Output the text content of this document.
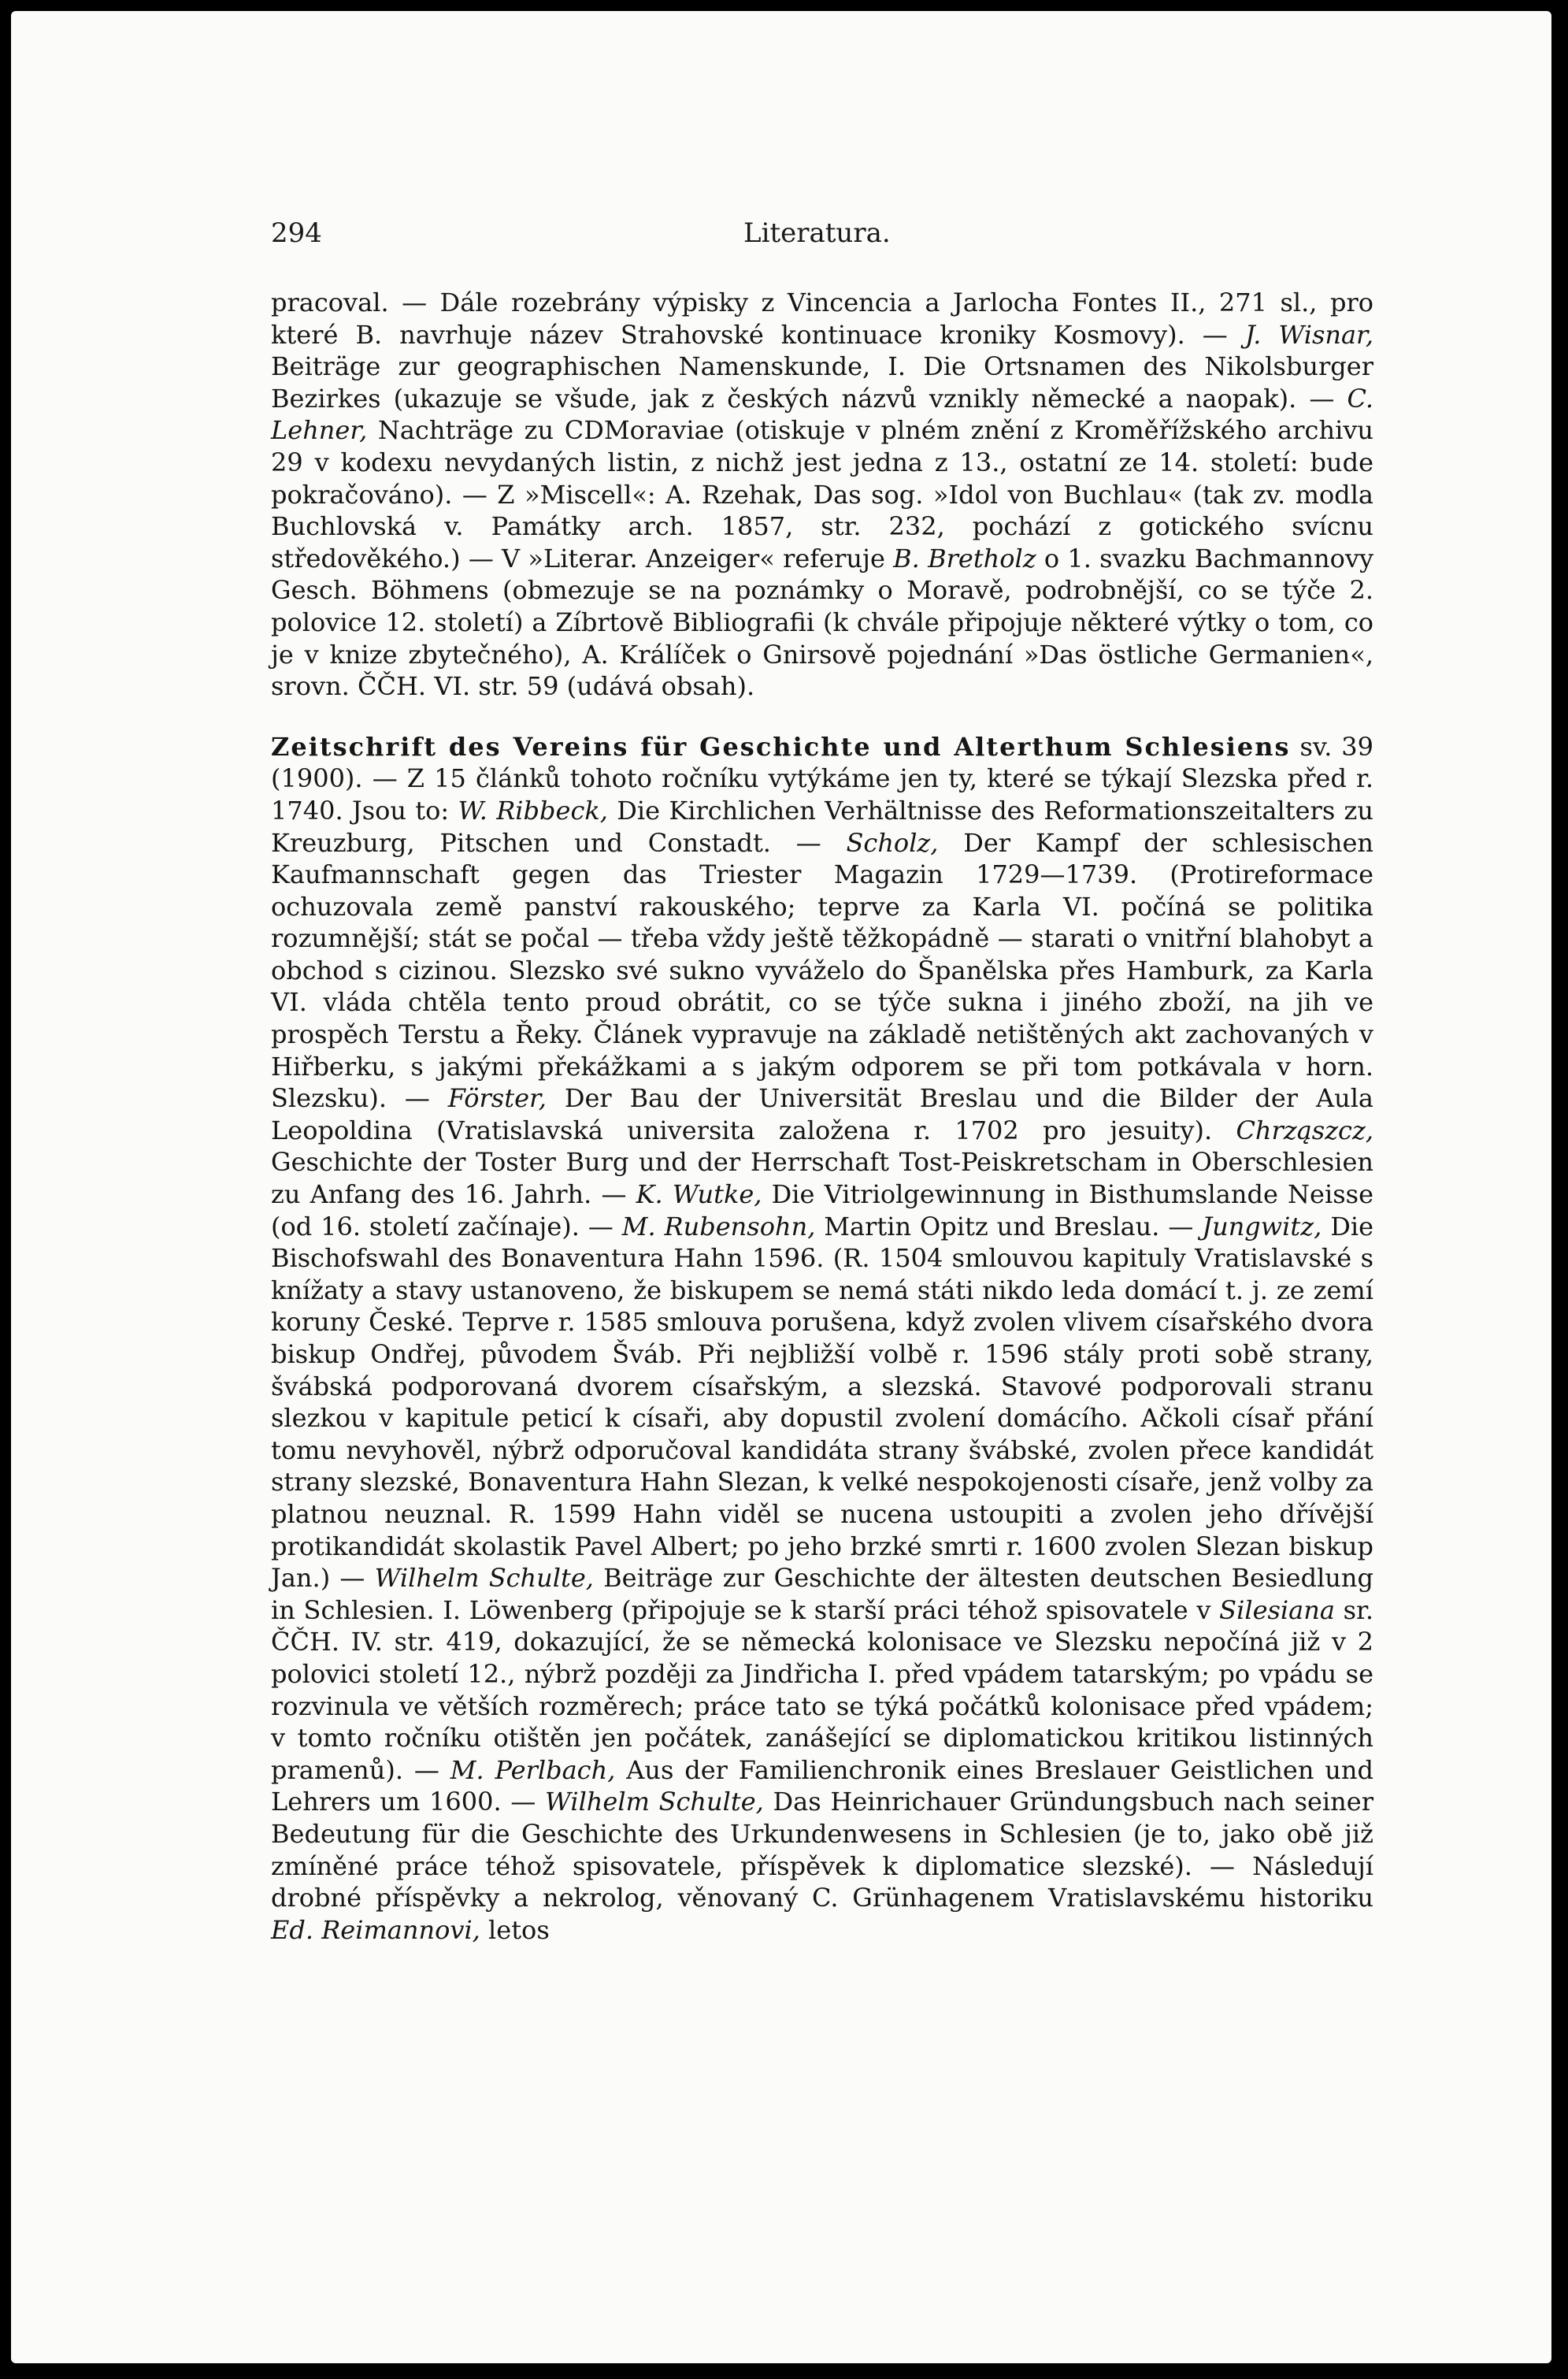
294	Literatura.

pracoval. — Dále rozebrány výpisky z Vincencia a Jarlocha Fontes II., 271 sl., pro které B. navrhuje název Strahovské kontinuace kroniky Kosmovy). — J. Wisnar, Beiträge zur geographischen Namenskunde, I. Die Ortsnamen des Nikolsburger Bezirkes (ukazuje se všude, jak z českých názvů vznikly německé a naopak). — C. Lehner, Nachträge zu CDMoraviae (otiskuje v plném znění z Kroměřížského archivu 29 v kodexu nevydaných listin, z nichž jest jedna z 13., ostatní ze 14. století: bude pokračováno). — Z »Miscell«: A. Rzehak, Das sog. »Idol von Buchlau« (tak zv. modla Buchlovská v. Památky arch. 1857, str. 232, pochází z gotického svícnu středověkého.) — V »Literar. Anzeiger« referuje B. Bretholz o 1. svazku Bachmannovy Gesch. Böhmens (obmezuje se na poznámky o Moravě, podrobnější, co se týče 2. polovice 12. století) a Zíbrtově Bibliografii (k chvále připojuje některé výtky o tom, co je v knize zbytečného), A. Králíček o Gnirsově pojednání »Das östliche Germanien«, srovn. ČČH. VI. str. 59 (udává obsah).

Zeitschrift des Vereins für Geschichte und Alterthum Schlesiens sv. 39 (1900). — Z 15 článků tohoto ročníku vytýkáme jen ty, které se týkají Slezska před r. 1740. Jsou to: W. Ribbeck, Die Kirchlichen Verhältnisse des Reformationszeitalters zu Kreuzburg, Pitschen und Constadt. — Scholz, Der Kampf der schlesischen Kaufmannschaft gegen das Triester Magazin 1729—1739. (Protireformace ochuzovala země panství rakouského; teprve za Karla VI. počíná se politika rozumnější; stát se počal — třeba vždy ještě těžkopádně — starati o vnitřní blahobyt a obchod s cizinou. Slezsko své sukno vyváželo do Španělska přes Hamburk, za Karla VI. vláda chtěla tento proud obrátit, co se týče sukna i jiného zboží, na jih ve prospěch Terstu a Řeky. Článek vypravuje na základě netištěných akt zachovaných v Hiřberku, s jakými překážkami a s jakým odporem se při tom potkávala v horn. Slezsku). — Förster, Der Bau der Universität Breslau und die Bilder der Aula Leopoldina (Vratislavská universita založena r. 1702 pro jesuity). Chrząszcz, Geschichte der Toster Burg und der Herrschaft Tost-Peiskretscham in Oberschlesien zu Anfang des 16. Jahrh. — K. Wutke, Die Vitriolgewinnung in Bisthumslande Neisse (od 16. století začínaje). — M. Rubensohn, Martin Opitz und Breslau. — Jungwitz, Die Bischofswahl des Bonaventura Hahn 1596. (R. 1504 smlouvou kapituly Vratislavské s knížaty a stavy ustanoveno, že biskupem se nemá státi nikdo leda domácí t. j. ze zemí koruny České. Teprve r. 1585 smlouva porušena, když zvolen vlivem císařského dvora biskup Ondřej, původem Šváb. Při nejbližší volbě r. 1596 stály proti sobě strany, švábská podporovaná dvorem císařským, a slezská. Stavové podporovali stranu slezkou v kapitule peticí k císaři, aby dopustil zvolení domácího. Ačkoli císař přání tomu nevyhověl, nýbrž odporučoval kandidáta strany švábské, zvolen přece kandidát strany slezské, Bonaventura Hahn Slezan, k velké nespokojenosti císaře, jenž volby za platnou neuznal. R. 1599 Hahn viděl se nucena ustoupiti a zvolen jeho dřívější protikandidát skolastik Pavel Albert; po jeho brzké smrti r. 1600 zvolen Slezan biskup Jan.) — Wilhelm Schulte, Beiträge zur Geschichte der ältesten deutschen Besiedlung in Schlesien. I. Löwenberg (připojuje se k starší práci téhož spisovatele v Silesiana sr. ČČH. IV. str. 419, dokazující, že se německá kolonisace ve Slezsku nepočíná již v 2 polovici století 12., nýbrž později za Jindřicha I. před vpádem tatarským; po vpádu se rozvinula ve větších rozměrech; práce tato se týká počátků kolonisace před vpádem; v tomto ročníku otištěn jen počátek, zanášející se diplomatickou kritikou listinných pramenů). — M. Perlbach, Aus der Familienchronik eines Breslauer Geistlichen und Lehrers um 1600. — Wilhelm Schulte, Das Heinrichauer Gründungsbuch nach seiner Bedeutung für die Geschichte des Urkundenwesens in Schlesien (je to, jako obě již zmíněné práce téhož spisovatele, příspěvek k diplomatice slezské). — Následují drobné příspěvky a nekrolog, věnovaný C. Grünhagenem Vratislavskému historiku Ed. Reimannovi, letos
